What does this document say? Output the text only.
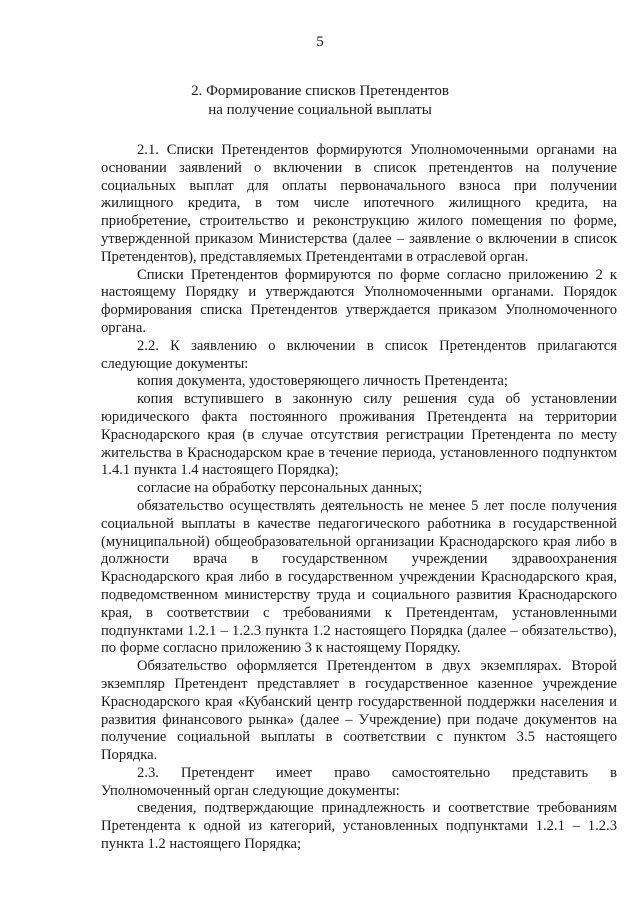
5
2. Формирование списков Претендентов
на получение социальной выплаты

2.1. Списки Претендентов формируются Уполномоченными органами на основании заявлений о включении в список претендентов на получение социальных выплат для оплаты первоначального взноса при получении жилищного кредита, в том числе ипотечного жилищного кредита, на приобретение, строительство и реконструкцию жилого помещения по форме, утвержденной приказом Министерства (далее – заявление о включении в список Претендентов), представляемых Претендентами в отраслевой орган.

Списки Претендентов формируются по форме согласно приложению 2 к настоящему Порядку и утверждаются Уполномоченными органами. Порядок формирования списка Претендентов утверждается приказом Уполномоченного органа.

2.2. К заявлению о включении в список Претендентов прилагаются следующие документы:

копия документа, удостоверяющего личность Претендента;

копия вступившего в законную силу решения суда об установлении юридического факта постоянного проживания Претендента на территории Краснодарского края (в случае отсутствия регистрации Претендента по месту жительства в Краснодарском крае в течение периода, установленного подпунктом 1.4.1 пункта 1.4 настоящего Порядка);

согласие на обработку персональных данных;

обязательство осуществлять деятельность не менее 5 лет после получения социальной выплаты в качестве педагогического работника в государственной (муниципальной) общеобразовательной организации Краснодарского края либо в должности врача в государственном учреждении здравоохранения Краснодарского края либо в государственном учреждении Краснодарского края, подведомственном министерству труда и социального развития Краснодарского края, в соответствии с требованиями к Претендентам, установленными подпунктами 1.2.1 – 1.2.3 пункта 1.2 настоящего Порядка (далее – обязательство), по форме согласно приложению 3 к настоящему Порядку.

Обязательство оформляется Претендентом в двух экземплярах. Второй экземпляр Претендент представляет в государственное казенное учреждение Краснодарского края «Кубанский центр государственной поддержки населения и развития финансового рынка» (далее – Учреждение) при подаче документов на получение социальной выплаты в соответствии с пунктом 3.5 настоящего Порядка.

2.3. Претендент имеет право самостоятельно представить в Уполномоченный орган следующие документы:

сведения, подтверждающие принадлежность и соответствие требованиям Претендента к одной из категорий, установленных подпунктами 1.2.1 – 1.2.3 пункта 1.2 настоящего Порядка;
